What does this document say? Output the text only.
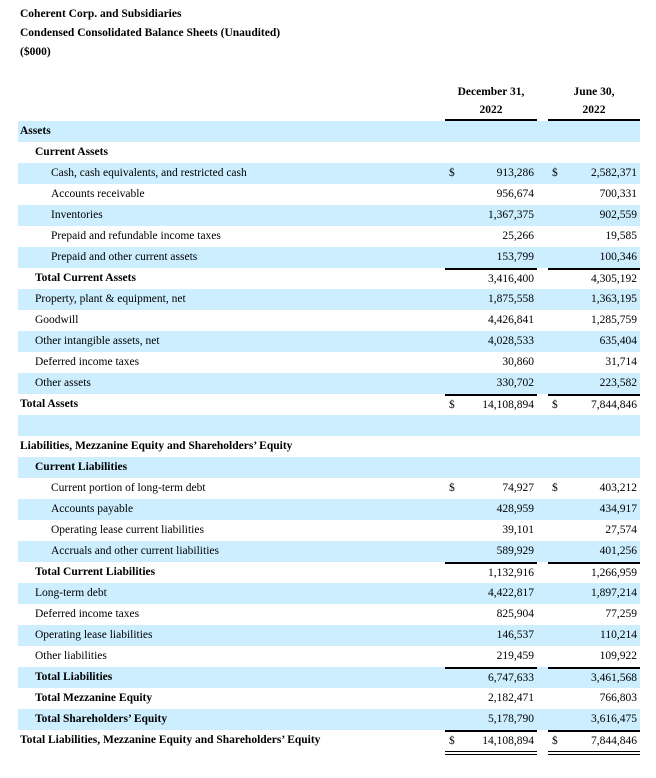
Coherent Corp. and Subsidiaries
Condensed Consolidated Balance Sheets (Unaudited)
($000)
December 31,
2022
June 30,
2022
Assets
Current Assets
Cash, cash equivalents, and restricted cash	$	913,286 $	2,582,371
Accounts receivable	956,674	700,331
Inventories	1,367,375	902,559
Prepaid and refundable income taxes	25,266	19,585
Prepaid and other current assets	153,799	100,346
Total Current Assets	3,416,400	4,305,192
Property, plant & equipment, net	1,875,558	1,363,195
Goodwill	4,426,841	1,285,759
Other intangible assets, net	4,028,533	635,404
Deferred income taxes	30,860	31,714
Other assets	330,702	223,582
Total Assets	$ 14,108,894 $	7,844,846
Liabilities, Mezzanine Equity and Shareholders’ Equity
Current Liabilities
Current portion of long-term debt	$	74,927 $	403,212
Accounts payable	428,959	434,917
Operating lease current liabilities	39,101	27,574
Accruals and other current liabilities	589,929	401,256
Total Current Liabilities	1,132,916	1,266,959
Long-term debt	4,422,817	1,897,214
Deferred income taxes	825,904	77,259
Operating lease liabilities	146,537	110,214
Other liabilities	219,459	109,922
Total Liabilities	6,747,633	3,461,568
Total Mezzanine Equity	2,182,471	766,803
Total Shareholders’ Equity	5,178,790	3,616,475
Total Liabilities, Mezzanine Equity and Shareholders’ Equity	$ 14,108,894 $	7,844,846
